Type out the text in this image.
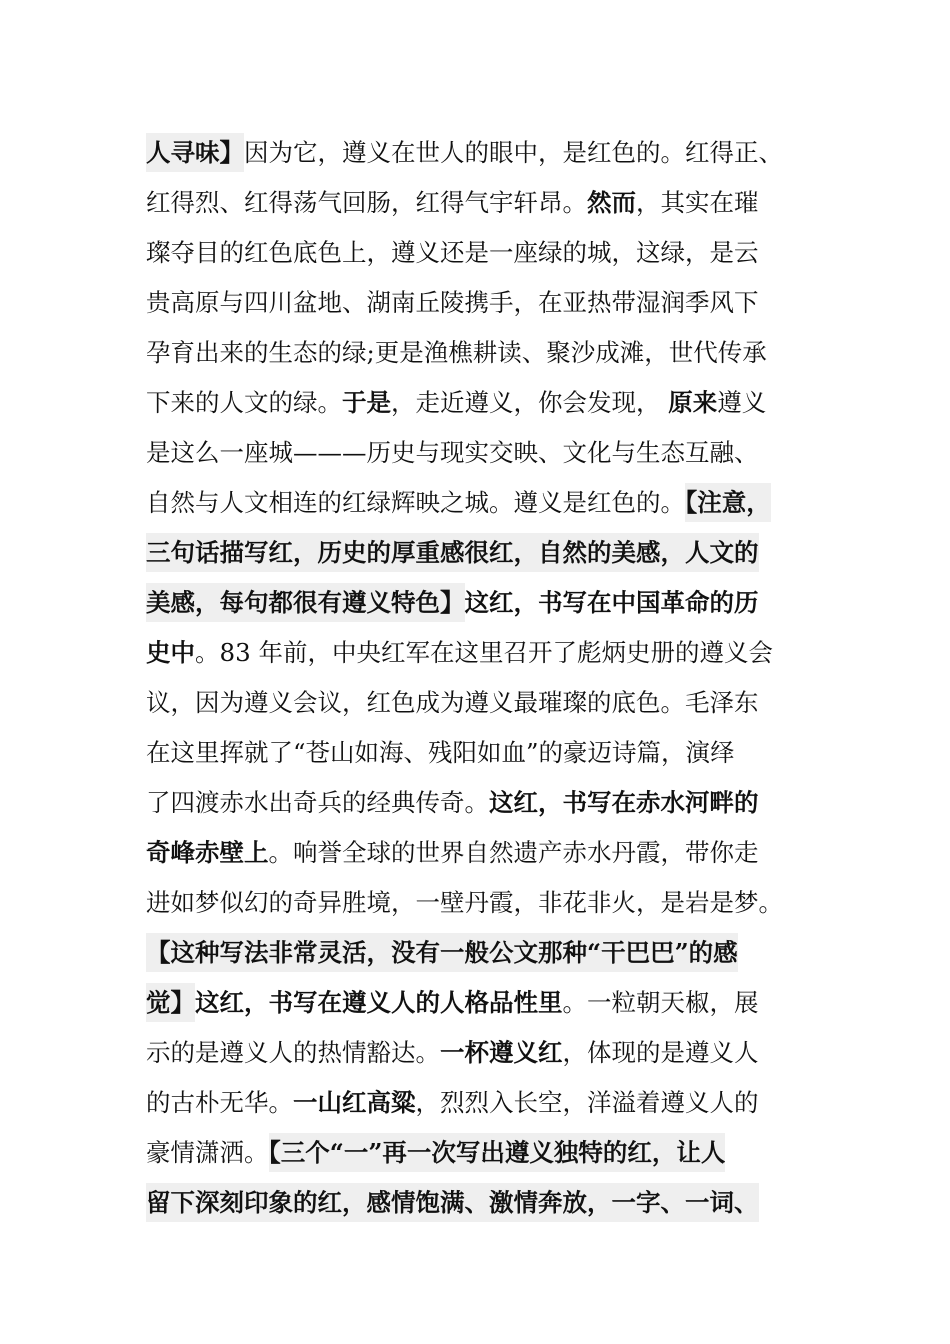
人寻味】因为它，遵义在世人的眼中，是红色的。红得正、
红得烈、红得荡气回肠，红得气宇轩昂。然而，其实在璀
璨夺目的红色底色上，遵义还是一座绿的城，这绿，是云
贵高原与四川盆地、湖南丘陵携手，在亚热带湿润季风下
孕育出来的生态的绿;更是渔樵耕读、聚沙成滩，世代传承
下来的人文的绿。于是，走近遵义，你会发现， 原来遵义
是这么一座城———历史与现实交映、文化与生态互融、
自然与人文相连的红绿辉映之城。遵义是红色的。【注意，
三句话描写红，历史的厚重感很红，自然的美感，人文的
美感，每句都很有遵义特色】这红，书写在中国革命的历
史中。83 年前，中央红军在这里召开了彪炳史册的遵义会
议，因为遵义会议，红色成为遵义最璀璨的底色。毛泽东
在这里挥就了“苍山如海、残阳如血”的豪迈诗篇，演绎
了四渡赤水出奇兵的经典传奇。这红，书写在赤水河畔的
奇峰赤壁上。响誉全球的世界自然遗产赤水丹霞，带你走
进如梦似幻的奇异胜境，一壁丹霞，非花非火，是岩是梦。
【这种写法非常灵活，没有一般公文那种“干巴巴”的感
觉】这红，书写在遵义人的人格品性里。一粒朝天椒，展
示的是遵义人的热情豁达。一杯遵义红，体现的是遵义人
的古朴无华。一山红高粱，烈烈入长空，洋溢着遵义人的
豪情潇洒。【三个“一”再一次写出遵义独特的红，让人
留下深刻印象的红，感情饱满、激情奔放，一字、一词、
